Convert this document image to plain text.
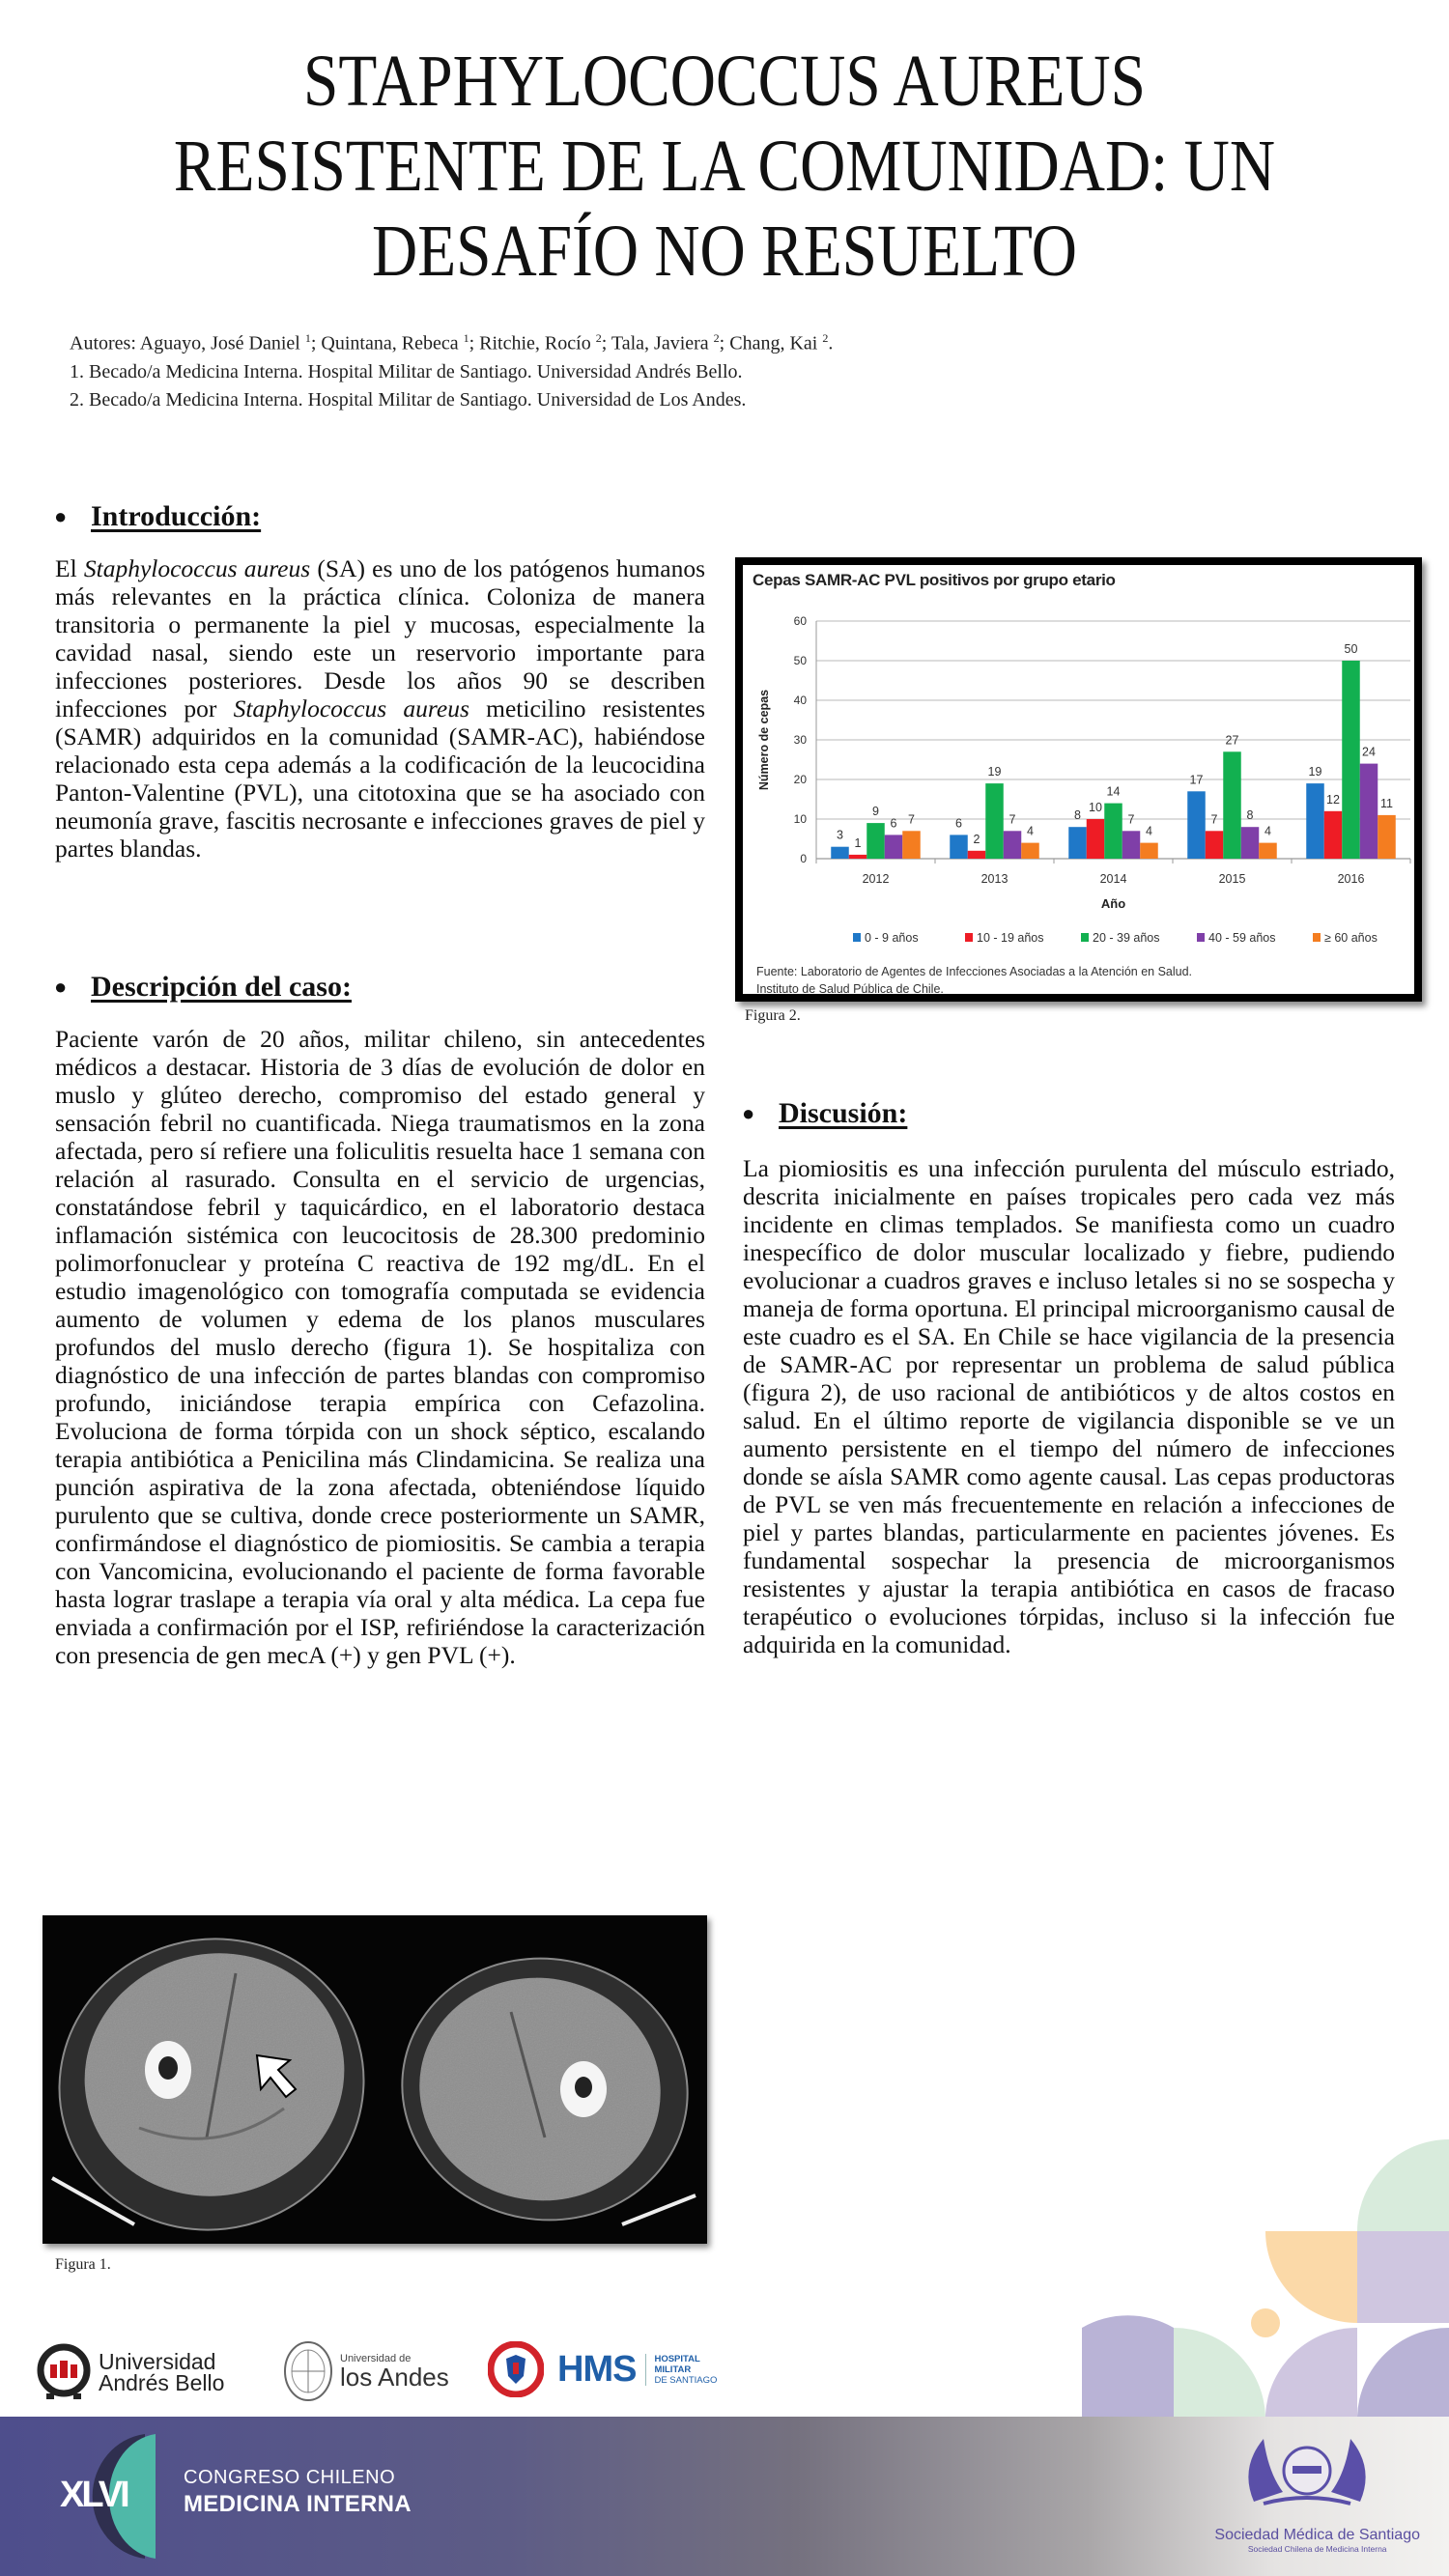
STAPHYLOCOCCUS AUREUS
RESISTENTE DE LA COMUNIDAD: UN
DESAFÍO NO RESUELTO
Autores: Aguayo, José Daniel $^1$; Quintana, Rebeca $^1$; Ritchie, Rocío $^2$; Tala, Javiera $^2$; Chang, Kai $^2$.
1. Becado/a Medicina Interna. Hospital Militar de Santiago. Universidad Andrés Bello.
2. Becado/a Medicina Interna. Hospital Militar de Santiago. Universidad de Los Andes.
● Introducción:
El Staphylococcus aureus (SA) es uno de los patógenos humanos más relevantes en la práctica clínica. Coloniza de manera transitoria o permanente la piel y mucosas, especialmente la cavidad nasal, siendo este un reservorio importante para infecciones posteriores. Desde los años 90 se describen infecciones por Staphylococcus aureus meticilino resistentes (SAMR) adquiridos en la comunidad (SAMR-AC), habiéndose relacionado esta cepa además a la codificación de la leucocidina Panton-Valentine (PVL), una citotoxina que se ha asociado con neumonía grave, fascitis necrosante e infecciones graves de piel y partes blandas.
● Descripción del caso:
Paciente varón de 20 años, militar chileno, sin antecedentes médicos a destacar. Historia de 3 días de evolución de dolor en muslo y glúteo derecho, compromiso del estado general y sensación febril no cuantificada. Niega traumatismos en la zona afectada, pero sí refiere una foliculitis resuelta hace 1 semana con relación al rasurado. Consulta en el servicio de urgencias, constatándose febril y taquicárdico, en el laboratorio destaca inflamación sistémica con leucocitosis de 28.300 predominio polimorfonuclear y proteína C reactiva de 192 mg/dL. En el estudio imagenológico con tomografía computada se evidencia aumento de volumen y edema de los planos musculares profundos del muslo derecho (figura 1). Se hospitaliza con diagnóstico de una infección de partes blandas con compromiso profundo, iniciándose terapia empírica con Cefazolina. Evoluciona de forma tórpida con un shock séptico, escalando terapia antibiótica a Penicilina más Clindamicina. Se realiza una punción aspirativa de la zona afectada, obteniéndose líquido purulento que se cultiva, donde crece posteriormente un SAMR, confirmándose el diagnóstico de piomiositis. Se cambia a terapia con Vancomicina, evolucionando el paciente de forma favorable hasta lograr traslape a terapia vía oral y alta médica. La cepa fue enviada a confirmación por el ISP, refiriéndose la caracterización con presencia de gen mecA (+) y gen PVL (+).
Cepas SAMR-AC PVL positivos por grupo etario
0
10
20
30
40
50
60
3
1
9
6 7
2012
6
2
19
7
4
2013
8
10
14
7
4
2014
17
7
27
8
4
2015
19
12
50
24
11
2016
Año
Número de cepas
0 - 9 años	10 - 19 años	20 - 39 años	40 - 59 años	≥ 60 años
Fuente: Laboratorio de Agentes de Infecciones Asociadas a la Atención en Salud.
Instituto de Salud Pública de Chile.
Figura 2.
● Discusión:
La piomiositis es una infección purulenta del músculo estriado, descrita inicialmente en países tropicales pero cada vez más incidente en climas templados. Se manifiesta como un cuadro inespecífico de dolor muscular localizado y fiebre, pudiendo evolucionar a cuadros graves e incluso letales si no se sospecha y maneja de forma oportuna. El principal microorganismo causal de este cuadro es el SA. En Chile se hace vigilancia de la presencia de SAMR-AC por representar un problema de salud pública (figura 2), de uso racional de antibióticos y de altos costos en salud. En el último reporte de vigilancia disponible se ve un aumento persistente en el tiempo del número de infecciones donde se aísla SAMR como agente causal. Las cepas productoras de PVL se ven más frecuentemente en relación a infecciones de piel y partes blandas, particularmente en pacientes jóvenes. Es fundamental sospechar la presencia de microorganismos resistentes y ajustar la terapia antibiótica en casos de fracaso terapéutico o evoluciones tórpidas, incluso si la infección fue adquirida en la comunidad.
Figura 1.
Universidad
Andrés Bello
Universidad de
los Andes	HMS HOSPITAL
MILITAR
DE SANTIAGO
XLVI	CONGRESO CHILENO
MEDICINA INTERNA
Sociedad Médica de Santiago
Sociedad Chilena de Medicina Interna
